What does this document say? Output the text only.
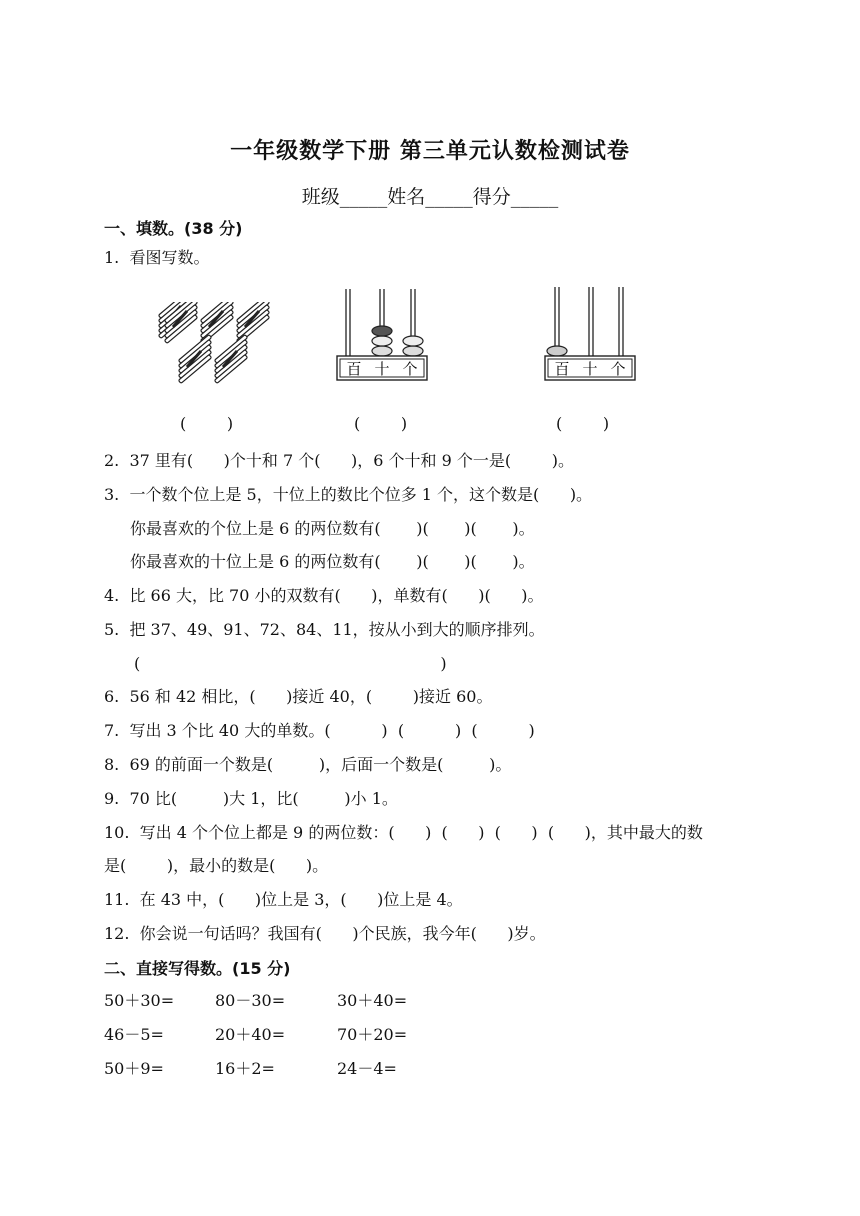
一年级数学下册 第三单元认数检测试卷
班级_____姓名_____得分_____
一、填数。(38 分)
1.  看图写数。
百 十 个	百 十 个
(        )	(        )	(        )
2.  37 里有(      )个十和 7 个(      )，6 个十和 9 个一是(        )。
3.  一个数个位上是 5，十位上的数比个位多 1 个，这个数是(      )。
你最喜欢的个位上是 6 的两位数有(       )(       )(       )。
你最喜欢的十位上是 6 的两位数有(       )(       )(       )。
4.  比 66 大，比 70 小的双数有(      )，单数有(      )(      )。
5.  把 37、49、91、72、84、11，按从小到大的顺序排列。
(                                                           )
6.  56 和 42 相比，(      )接近 40，(        )接近 60。
7.  写出 3 个比 40 大的单数。(          )  (          )  (          )
8.  69 的前面一个数是(         )，后面一个数是(         )。
9.  70 比(         )大 1，比(         )小 1。
10.  写出 4 个个位上都是 9 的两位数：(      )  (      )  (      )  (      )，其中最大的数
是(        )，最小的数是(      )。
11.  在 43 中，(      )位上是 3，(      )位上是 4。
12.  你会说一句话吗？我国有(      )个民族，我今年(      )岁。
二、直接写得数。(15 分)
50＋30=	80－30=	30＋40=
46－5=	20＋40=	70＋20=
50＋9=	16＋2=	24－4=
